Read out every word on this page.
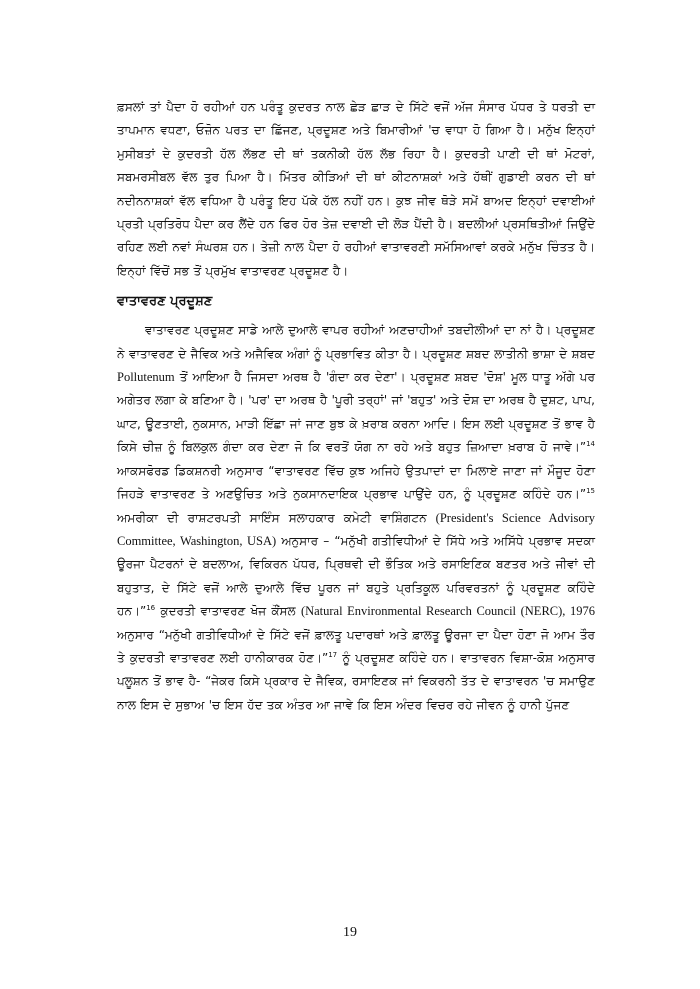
ਫ਼ਸਲਾਂ ਤਾਂ ਪੈਦਾ ਹੋ ਰਹੀਆਂ ਹਨ ਪਰੰਤੂ ਕੁਦਰਤ ਨਾਲ ਛੇੜ ਛਾੜ ਦੇ ਸਿੱਟੇ ਵਜੋਂ ਅੱਜ ਸੰਸਾਰ ਪੱਧਰ ਤੇ ਧਰਤੀ ਦਾ ਤਾਪਮਾਨ ਵਧਣਾ, ਓਜ਼ੋਨ ਪਰਤ ਦਾ ਛਿੱਜਣ, ਪ੍ਰਦੂਸ਼ਣ ਅਤੇ ਬਿਮਾਰੀਆਂ 'ਚ ਵਾਧਾ ਹੋ ਗਿਆ ਹੈ। ਮਨੁੱਖ ਇਨ੍ਹਾਂ ਮੁਸੀਬਤਾਂ ਦੇ ਕੁਦਰਤੀ ਹੱਲ ਲੱਭਣ ਦੀ ਥਾਂ ਤਕਨੀਕੀ ਹੱਲ ਲੱਭ ਰਿਹਾ ਹੈ। ਕੁਦਰਤੀ ਪਾਣੀ ਦੀ ਥਾਂ ਮੋਟਰਾਂ, ਸਬਮਰਸੀਬਲ ਵੱਲ ਤੁਰ ਪਿਆ ਹੈ। ਮਿੱਤਰ ਕੀੜਿਆਂ ਦੀ ਥਾਂ ਕੀਟਨਾਸ਼ਕਾਂ ਅਤੇ ਹੱਥੀਂ ਗੁਡਾਈ ਕਰਨ ਦੀ ਥਾਂ ਨਦੀਨਨਾਸ਼ਕਾਂ ਵੱਲ ਵਧਿਆ ਹੈ ਪਰੰਤੂ ਇਹ ਪੱਕੇ ਹੱਲ ਨਹੀਂ ਹਨ। ਕੁਝ ਜੀਵ ਥੋੜੇ ਸਮੇਂ ਬਾਅਦ ਇਨ੍ਹਾਂ ਦਵਾਈਆਂ ਪ੍ਰਤੀ ਪ੍ਰਤਿਰੋਧ ਪੈਦਾ ਕਰ ਲੈਂਦੇ ਹਨ ਫਿਰ ਹੋਰ ਤੇਜ਼ ਦਵਾਈ ਦੀ ਲੋੜ ਪੈਂਦੀ ਹੈ। ਬਦਲੀਆਂ ਪ੍ਰਸਥਿਤੀਆਂ ਜਿਉਂਦੇ ਰਹਿਣ ਲਈ ਨਵਾਂ ਸੰਘਰਸ਼ ਹਨ। ਤੇਜ਼ੀ ਨਾਲ ਪੈਦਾ ਹੋ ਰਹੀਆਂ ਵਾਤਾਵਰਣੀ ਸਮੱਸਿਆਵਾਂ ਕਰਕੇ ਮਨੁੱਖ ਚਿੰਤਤ ਹੈ। ਇਨ੍ਹਾਂ ਵਿੱਚੋਂ ਸਭ ਤੋਂ ਪ੍ਰਮੁੱਖ ਵਾਤਾਵਰਣ ਪ੍ਰਦੂਸ਼ਣ ਹੈ।

ਵਾਤਾਵਰਣ ਪ੍ਰਦੂਸ਼ਣ

ਵਾਤਾਵਰਣ ਪ੍ਰਦੂਸ਼ਣ ਸਾਡੇ ਆਲੇ ਦੁਆਲੇ ਵਾਪਰ ਰਹੀਆਂ ਅਣਚਾਹੀਆਂ ਤਬਦੀਲੀਆਂ ਦਾ ਨਾਂ ਹੈ। ਪ੍ਰਦੂਸ਼ਣ ਨੇ ਵਾਤਾਵਰਣ ਦੇ ਜੈਵਿਕ ਅਤੇ ਅਜੈਵਿਕ ਅੰਗਾਂ ਨੂੰ ਪ੍ਰਭਾਵਿਤ ਕੀਤਾ ਹੈ। ਪ੍ਰਦੂਸ਼ਣ ਸ਼ਬਦ ਲਾਤੀਨੀ ਭਾਸ਼ਾ ਦੇ ਸ਼ਬਦ Pollutenum ਤੋਂ ਆਇਆ ਹੈ ਜਿਸਦਾ ਅਰਥ ਹੈ 'ਗੰਦਾ ਕਰ ਦੇਣਾ'। ਪ੍ਰਦੂਸ਼ਣ ਸ਼ਬਦ 'ਦੋਸ਼' ਮੂਲ ਧਾਤੂ ਅੱਗੇ ਪਰ ਅਗੇਤਰ ਲਗਾ ਕੇ ਬਣਿਆ ਹੈ। 'ਪਰ' ਦਾ ਅਰਥ ਹੈ 'ਪੂਰੀ ਤਰ੍ਹਾਂ' ਜਾਂ 'ਬਹੁਤ' ਅਤੇ ਦੋਸ਼ ਦਾ ਅਰਥ ਹੈ ਦੁਸ਼ਟ, ਪਾਪ, ਘਾਟ, ਊਣਤਾਈ, ਨੁਕਸਾਨ, ਮਾੜੀ ਇੱਛਾ ਜਾਂ ਜਾਣ ਬੁਝ ਕੇ ਖ਼ਰਾਬ ਕਰਨਾ ਆਦਿ। ਇਸ ਲਈ ਪ੍ਰਦੂਸ਼ਣ ਤੋਂ ਭਾਵ ਹੈ ਕਿਸੇ ਚੀਜ਼ ਨੂੰ ਬਿਲਕੁਲ ਗੰਦਾ ਕਰ ਦੇਣਾ ਜੋ ਕਿ ਵਰਤੋਂ ਯੋਗ ਨਾ ਰਹੇ ਅਤੇ ਬਹੁਤ ਜ਼ਿਆਦਾ ਖ਼ਰਾਬ ਹੋ ਜਾਵੇ।”$^{14}$ ਆਕਸਫੋਰਡ ਡਿਕਸ਼ਨਰੀ ਅਨੁਸਾਰ “ਵਾਤਾਵਰਣ ਵਿੱਚ ਕੁਝ ਅਜਿਹੇ ਉਤਪਾਦਾਂ ਦਾ ਮਿਲਾਏ ਜਾਣਾ ਜਾਂ ਮੌਜੂਦ ਹੋਣਾ ਜਿਹੜੇ ਵਾਤਾਵਰਣ ਤੇ ਅਣਉਚਿਤ ਅਤੇ ਨੁਕਸਾਨਦਾਇਕ ਪ੍ਰਭਾਵ ਪਾਉਂਦੇ ਹਨ, ਨੂੰ ਪ੍ਰਦੂਸ਼ਣ ਕਹਿੰਦੇ ਹਨ।”$^{15}$ ਅਮਰੀਕਾ ਦੀ ਰਾਸ਼ਟਰਪਤੀ ਸਾਇੰਸ ਸਲਾਹਕਾਰ ਕਮੇਟੀ ਵਾਸ਼ਿੰਗਟਨ (President's Science Advisory Committee, Washington, USA) ਅਨੁਸਾਰ – “ਮਨੁੱਖੀ ਗਤੀਵਿਧੀਆਂ ਦੇ ਸਿੱਧੇ ਅਤੇ ਅਸਿੱਧੇ ਪ੍ਰਭਾਵ ਸਦਕਾ ਊਰਜਾ ਪੈਟਰਨਾਂ ਦੇ ਬਦਲਾਅ, ਵਿਕਿਰਨ ਪੱਧਰ, ਪ੍ਰਿਥਵੀ ਦੀ ਭੌਤਿਕ ਅਤੇ ਰਸਾਇਣਿਕ ਬਣਤਰ ਅਤੇ ਜੀਵਾਂ ਦੀ ਬਹੁਤਾਤ, ਦੇ ਸਿੱਟੇ ਵਜੋਂ ਆਲੇ ਦੁਆਲੇ ਵਿੱਚ ਪੂਰਨ ਜਾਂ ਬਹੁਤੇ ਪ੍ਰਤਿਕੂਲ ਪਰਿਵਰਤਨਾਂ ਨੂੰ ਪ੍ਰਦੂਸ਼ਣ ਕਹਿੰਦੇ ਹਨ।”$^{16}$ ਕੁਦਰਤੀ ਵਾਤਾਵਰਣ ਖੋਜ ਕੌਂਸਲ (Natural Environmental Research Council (NERC), 1976 ਅਨੁਸਾਰ “ਮਨੁੱਖੀ ਗਤੀਵਿਧੀਆਂ ਦੇ ਸਿੱਟੇ ਵਜੋਂ ਫ਼ਾਲਤੂ ਪਦਾਰਥਾਂ ਅਤੇ ਫ਼ਾਲਤੂ ਊਰਜਾ ਦਾ ਪੈਦਾ ਹੋਣਾ ਜੋ ਆਮ ਤੌਰ ਤੇ ਕੁਦਰਤੀ ਵਾਤਾਵਰਣ ਲਈ ਹਾਨੀਕਾਰਕ ਹੋਣ।”$^{17}$ ਨੂੰ ਪ੍ਰਦੂਸ਼ਣ ਕਹਿੰਦੇ ਹਨ। ਵਾਤਾਵਰਨ ਵਿਸ਼ਾ-ਕੋਸ਼ ਅਨੁਸਾਰ ਪਲੂਸ਼ਨ ਤੋਂ ਭਾਵ ਹੈ- “ਜੇਕਰ ਕਿਸੇ ਪ੍ਰਕਾਰ ਦੇ ਜੈਵਿਕ, ਰਸਾਇਣਕ ਜਾਂ ਵਿਕਰਨੀ ਤੱਤ ਦੇ ਵਾਤਾਵਰਨ 'ਚ ਸਮਾਉਣ ਨਾਲ ਇਸ ਦੇ ਸੁਭਾਅ 'ਚ ਇਸ ਹੱਦ ਤਕ ਅੰਤਰ ਆ ਜਾਵੇ ਕਿ ਇਸ ਅੰਦਰ ਵਿਚਰ ਰਹੇ ਜੀਵਨ ਨੂੰ ਹਾਨੀ ਪੁੱਜਣ

19
